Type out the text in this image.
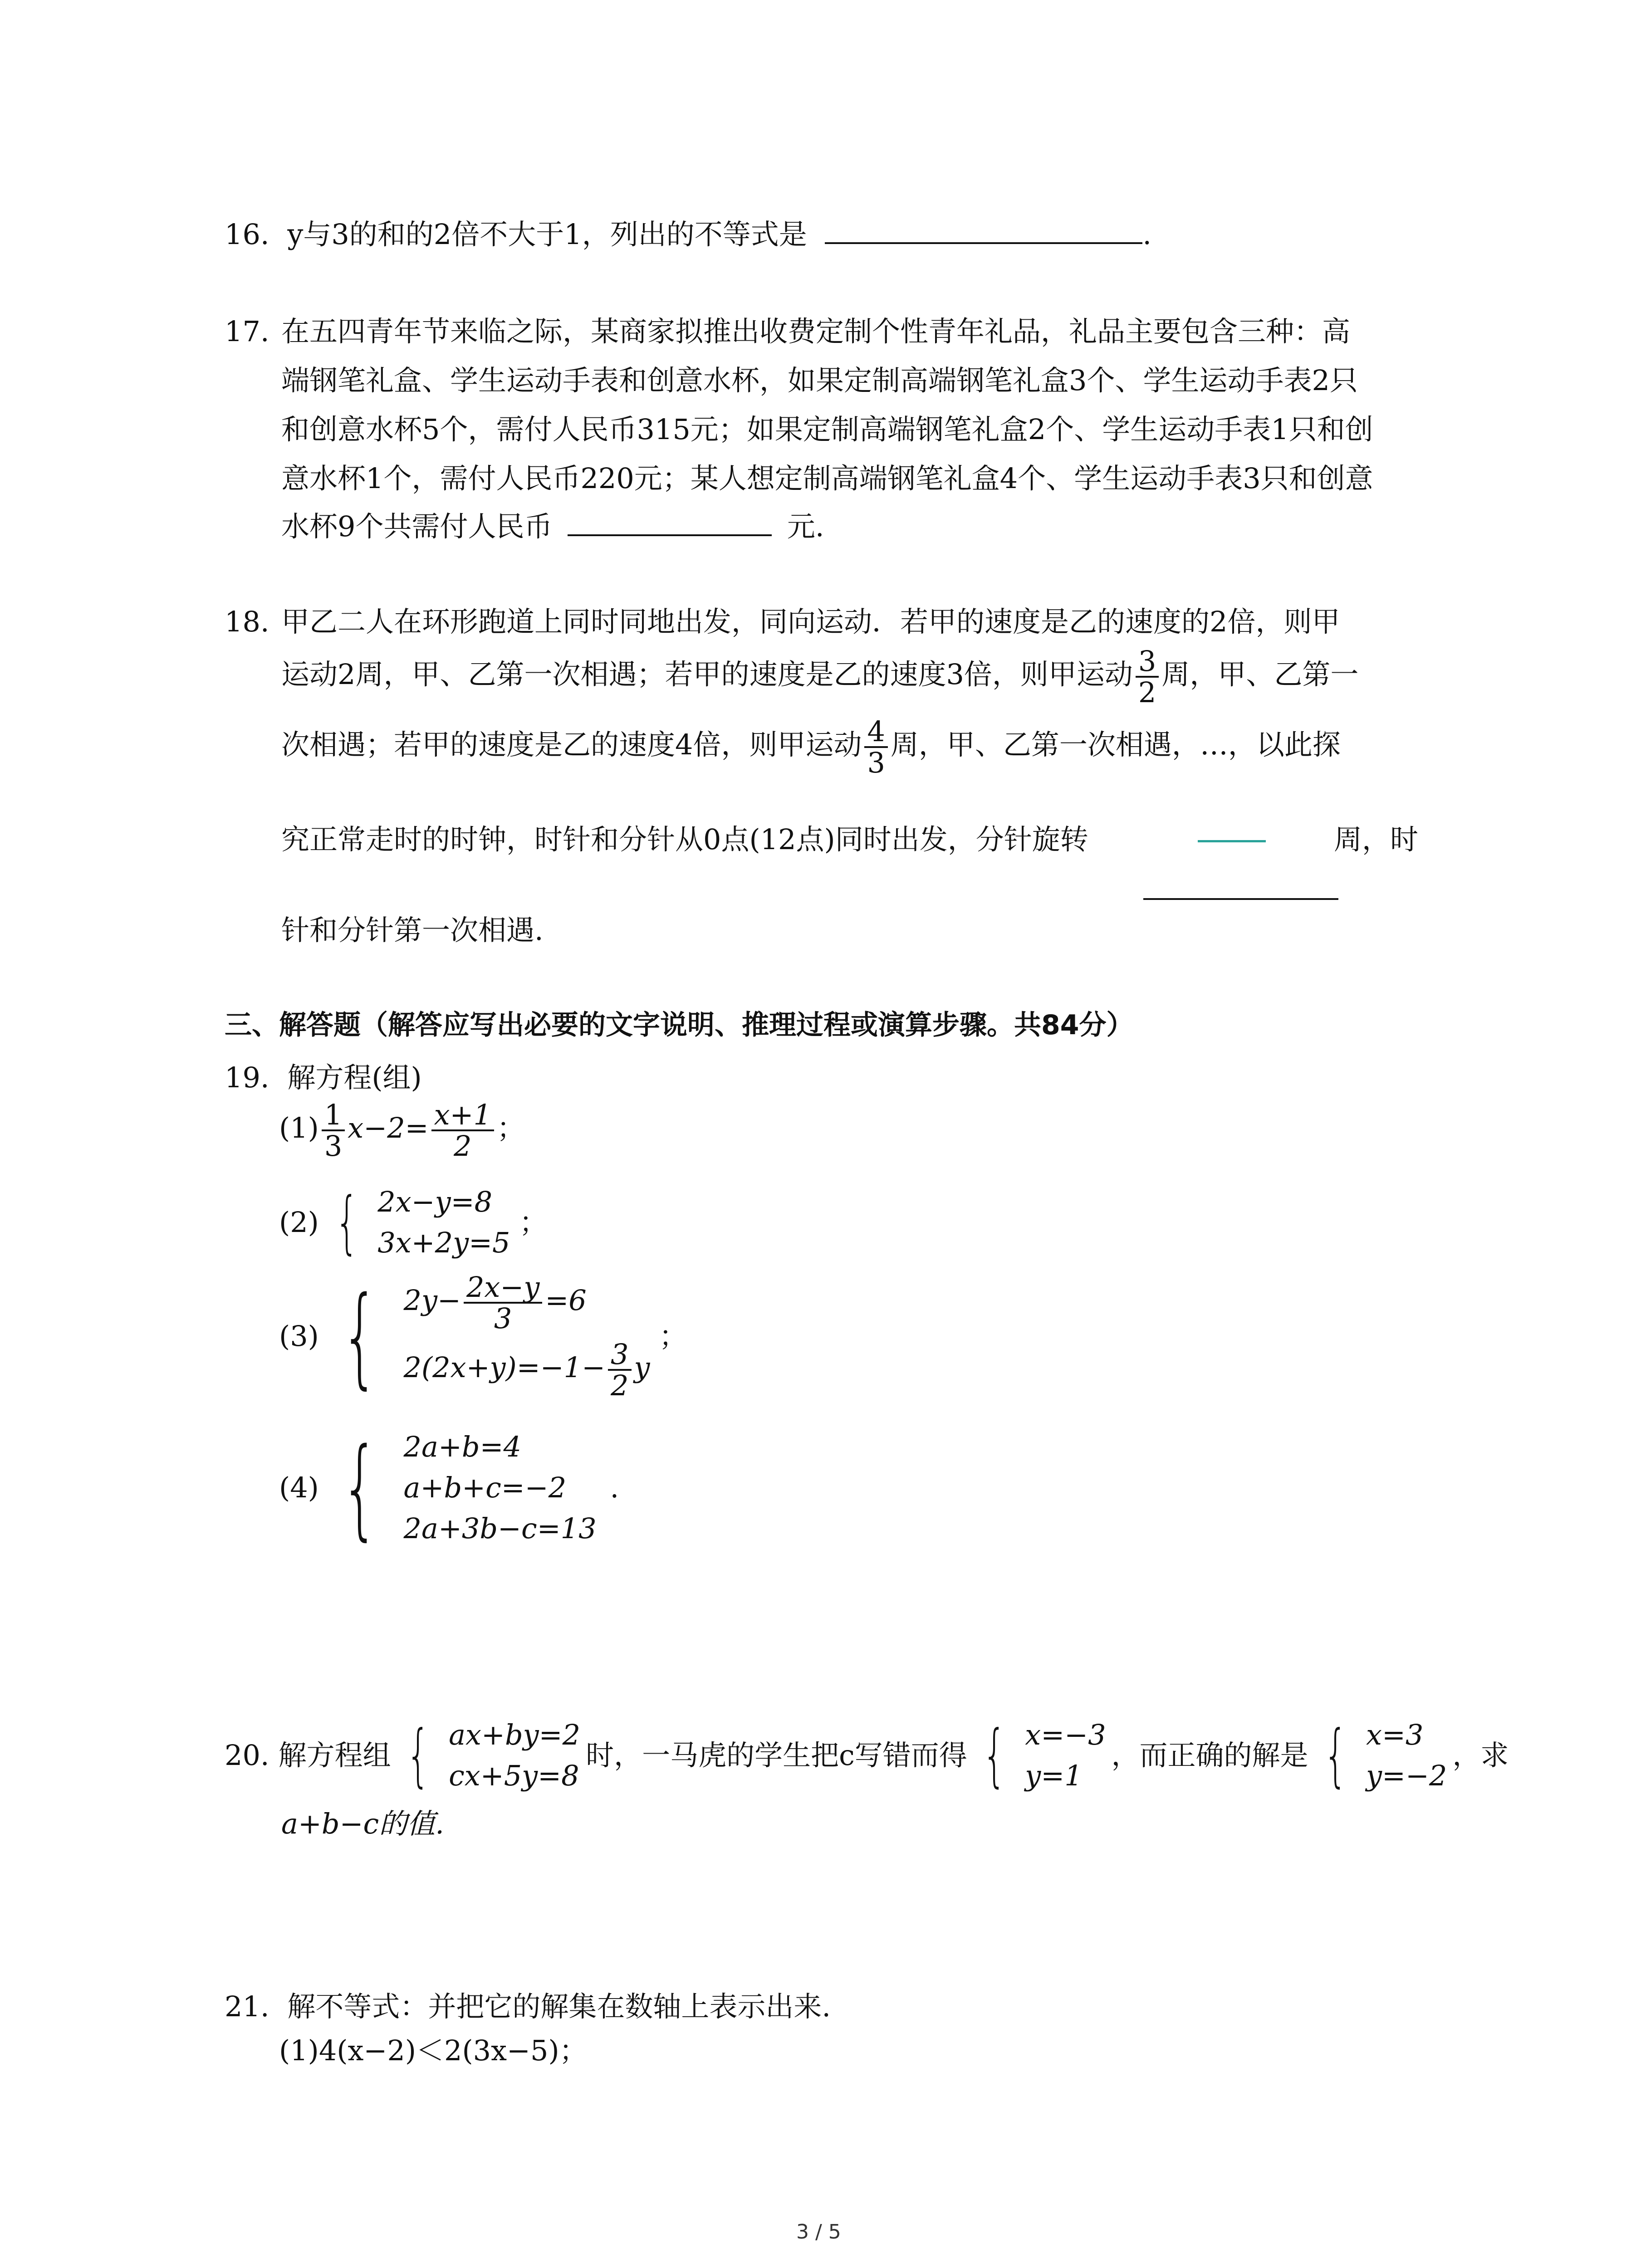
16. y与3的和的2倍不大于1，列出的不等式是	.
17. 在五四青年节来临之际，某商家拟推出收费定制个性青年礼品，礼品主要包含三种：高
端钢笔礼盒、学生运动手表和创意水杯，如果定制高端钢笔礼盒3个、学生运动手表2只
和创意水杯5个，需付人民币315元；如果定制高端钢笔礼盒2个、学生运动手表1只和创
意水杯1个，需付人民币220元；某人想定制高端钢笔礼盒4个、学生运动手表3只和创意
水杯9个共需付人民币	元.
18. 甲乙二人在环形跑道上同时同地出发，同向运动．若甲的速度是乙的速度的2倍，则甲
运动2周，甲、乙第一次相遇；若甲的速度是乙的速度3倍，则甲运动 $\frac{3}{2}$ 周，甲、乙第一
次相遇；若甲的速度是乙的速度4倍，则甲运动 $\frac{4}{3}$ 周，甲、乙第一次相遇，…，以此探
究正常走时的时钟，时针和分针从0点(12点)同时出发，分针旋转	周，时
针和分针第一次相遇.
三、解答题（解答应写出必要的文字说明、推理过程或演算步骤。共84分）
19. 解方程(组)
$(1) \frac{1}{3} x-2= \frac{x+1}{2}$ ；
(2) { 2x−y=8
3x+2y=5
；
(3) { $2y- \frac{2x-y}{3} =6$
$2(2x+y)=-1- \frac{3}{2}$ y
；
(4) { 2a+b=4
a+b+c=−2
2a+3b−c=13
.
20. 解方程组 { ax+by=2
cx+5y=8
时，一马虎的学生把c写错而得 { x=−3
y=1
，而正确的解是 { x=3
y=−2
，求
a+b−c的值.
21. 解不等式：并把它的解集在数轴上表示出来.
(1)4(x−2)＜2(3x−5)；
3 / 5
